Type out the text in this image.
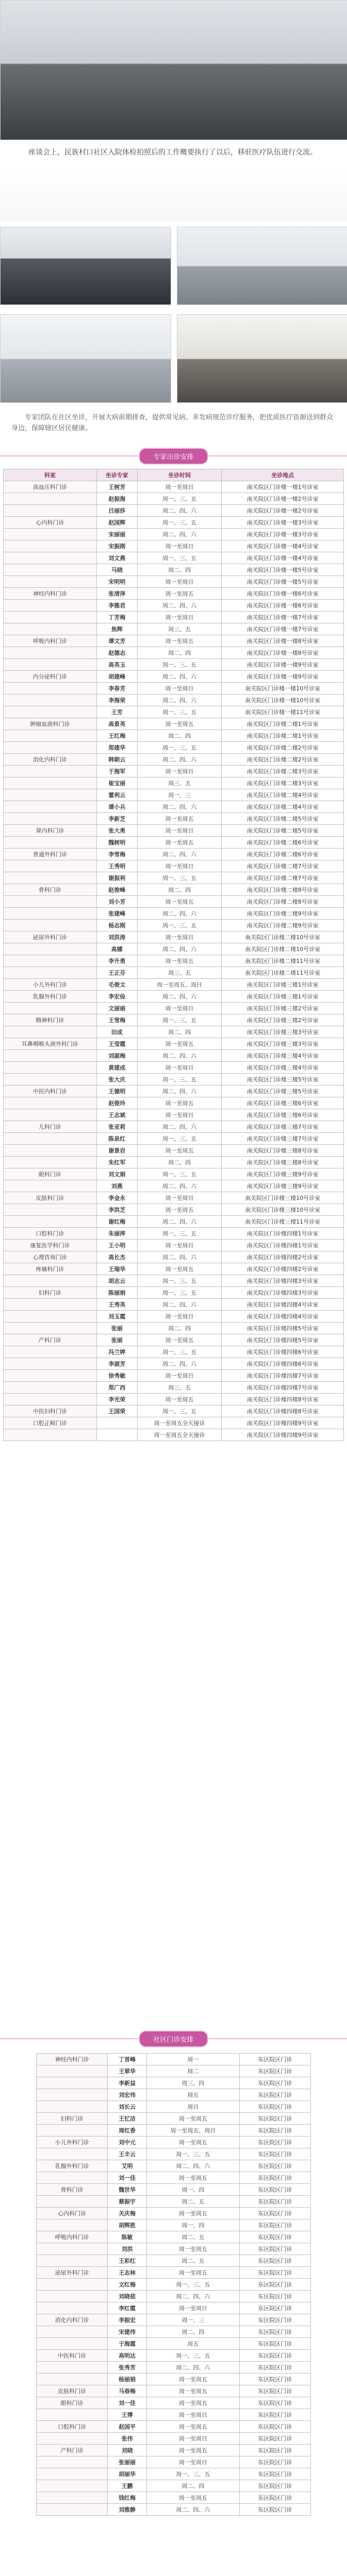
座谈会上，民族村口社区入院体检拍照后的工作概要执行了以后，移驻医疗队伍进行交流。
专家团队在社区坐诊，开展大病前期排查，提供常见病、多发病规范诊疗服务，把优质医疗资源送到群众身边，保障辖区居民健康。
专家出诊安排
科室	坐诊专家	坐诊时间	坐诊地点
高血压科门诊	王树芳	周一至周日	南关院区门诊楼一楼1号诊室
	赵振海	周一、三、五	南关院区门诊楼一楼2号诊室
	吕丽莎	周二、四、六	南关院区门诊楼一楼2号诊室
心内科门诊	赵国辉	周一、三、五	南关院区门诊楼一楼3号诊室
	宋丽丽	周二、四、六	南关院区门诊楼一楼3号诊室
	宋振刚	周一至周日	南关院区门诊楼一楼4号诊室
	刘文燕	周一、三、五	南关院区门诊楼一楼4号诊室
	马晓	周二、四	南关院区门诊楼一楼5号诊室
	宋明明	周一至周日	南关院区门诊楼一楼5号诊室
神经内科门诊	张清泽	周一至周五	南关院区门诊楼一楼6号诊室
	李雅君	周二、四、六	南关院区门诊楼一楼6号诊室
	丁芳梅	周一至周日	南关院区门诊楼一楼7号诊室
	焦辉	周三、五	南关院区门诊楼一楼7号诊室
呼吸内科门诊	谭文芳	周一至周五	南关院区门诊楼一楼8号诊室
	赵德志	周二、四	南关院区门诊楼一楼8号诊室
	高英玉	周一、三、五	南关院区门诊楼一楼9号诊室
内分泌科门诊	胡建峰	周二、四、六	南关院区门诊楼一楼9号诊室
	李春芳	周一至周日	南关院区门诊楼一楼10号诊室
	李海荣	周二、四、六	南关院区门诊楼一楼10号诊室
	王芳	周一、三、五	南关院区门诊楼一楼11号诊室
肿瘤血液科门诊	高景英	周一至周五	南关院区门诊楼二楼1号诊室
	王红梅	周二、四	南关院区门诊楼二楼1号诊室
	郑建华	周一、三、五	南关院区门诊楼二楼2号诊室
消化内科门诊	韩朝云	周二、四、六	南关院区门诊楼二楼2号诊室
	于海军	周一至周日	南关院区门诊楼二楼3号诊室
	崔宝丽	周三、五	南关院区门诊楼二楼3号诊室
	董利云	周一、三	南关院区门诊楼二楼4号诊室
	谭小兵	周二、四、六	南关院区门诊楼二楼4号诊室
	李新芝	周一至周五	南关院区门诊楼二楼5号诊室
肾内科门诊	张大勇	周一至周日	南关院区门诊楼二楼5号诊室
	魏树明	周一至周五	南关院区门诊楼二楼6号诊室
普通外科门诊	李雪梅	周二、四、六	南关院区门诊楼二楼6号诊室
	王秀明	周一至周日	南关院区门诊楼二楼7号诊室
	谢振利	周一、三、五	南关院区门诊楼二楼7号诊室
骨科门诊	赵俊峰	周二、四	南关院区门诊楼二楼8号诊室
	刘小芳	周一至周五	南关院区门诊楼二楼8号诊室
	张建峰	周二、四、六	南关院区门诊楼二楼9号诊室
	杨志刚	周一、三、五	南关院区门诊楼二楼9号诊室
泌尿外科门诊	刘洪涛	周一至周日	南关院区门诊楼二楼10号诊室
	高娜	周二、四、六	南关院区门诊楼二楼10号诊室
	李升勇	周一至周五	南关院区门诊楼二楼11号诊室
	王正芬	周三、五	南关院区门诊楼二楼11号诊室
小儿外科门诊	毛俊文	周一至周五、周日	南关院区门诊楼三楼1号诊室
乳腺外科门诊	李宏俭	周二、四、六	南关院区门诊楼三楼1号诊室
	文丽丽	周一至周日	南关院区门诊楼三楼2号诊室
精神科门诊	王雪梅	周一、三、五	南关院区门诊楼三楼2号诊室
	田成	周二、四	南关院区门诊楼三楼3号诊室
耳鼻咽喉头颈外科门诊	王莹霞	周一至周五	南关院区门诊楼三楼3号诊室
	刘淑梅	周二、四、六	南关院区门诊楼三楼4号诊室
	黄建成	周一至周日	南关院区门诊楼三楼4号诊室
	张大庆	周一、三、五	南关院区门诊楼三楼5号诊室
中医内科门诊	王德明	周二、四、六	南关院区门诊楼三楼5号诊室
	赵俊玲	周一至周五	南关院区门诊楼三楼6号诊室
	王志斌	周一至周日	南关院区门诊楼三楼6号诊室
儿科门诊	张亚莉	周二、四、六	南关院区门诊楼三楼7号诊室
	陈泉红	周一、三、五	南关院区门诊楼三楼7号诊室
	谢景岩	周一至周五	南关院区门诊楼三楼8号诊室
	朱红军	周二、四	南关院区门诊楼三楼8号诊室
眼科门诊	刘文娟	周一、三、五	南关院区门诊楼三楼9号诊室
	刘燕	周二、四、六	南关院区门诊楼三楼9号诊室
皮肤科门诊	李金永	周一至周日	南关院区门诊楼三楼10号诊室
	李洪芝	周一至周五	南关院区门诊楼三楼10号诊室
	谢红梅	周二、四、六	南关院区门诊楼三楼11号诊室
口腔科门诊	朱丽萍	周一、三、五	南关院区门诊楼四楼1号诊室
康复医学科门诊	王小明	周一至周日	南关院区门诊楼四楼1号诊室
心理咨询门诊	高长杰	周二、四、六	南关院区门诊楼四楼2号诊室
疼痛科门诊	王瑞华	周一至周五	南关院区门诊楼四楼2号诊室
	胡志云	周一、三、五	南关院区门诊楼四楼3号诊室
妇科门诊	陈丽娟	周一、三、五	南关院区门诊楼四楼3号诊室
	王秀英	周二、四、六	南关院区门诊楼四楼4号诊室
	刘玉霞	周一至周日	南关院区门诊楼四楼4号诊室
	张丽	周二、四	南关院区门诊楼四楼5号诊室
产科门诊	张丽	周一至周五	南关院区门诊楼四楼5号诊室
	冯兰婷	周一、三、五	南关院区门诊楼四楼6号诊室
	李淑芳	周二、四、六	南关院区门诊楼四楼6号诊室
	徐秀敏	周一至周日	南关院区门诊楼四楼7号诊室
	郑广西	周三、五	南关院区门诊楼四楼7号诊室
	李光荣	周一至周五	南关院区门诊楼四楼8号诊室
中医妇科门诊	王国荣	周一、三、五	南关院区门诊楼四楼8号诊室
口腔正畸门诊		周一至周五全天接诊	南关院区门诊楼四楼9号诊室
		周一至周五全天接诊	南关院区门诊楼四楼9号诊室
社区门诊安排
神经内科门诊	丁晋峰	周一	东区院区门诊
	王翠华	周二	东区院区门诊
	李新益	周三、四	东区院区门诊
	刘宏伟	周五	东区院区门诊
	刘长云	周日	东区院区门诊
妇科门诊	王忆洁	周一至周五	东区院区门诊
	周红香	周一至周五、周日	东区院区门诊
小儿外科门诊	刘中元	周一至周五	东区院区门诊
	王丰云	周一、三、五	东区院区门诊
乳腺外科门诊	艾明	周二、四、六	东区院区门诊
	刘一佳	周一至周五	东区院区门诊
骨科门诊	魏世华	周一、四	东区院区门诊
	蔡振宇	周二、五	东区院区门诊
心内科门诊	关庆梅	周一至周五	东区院区门诊
	胡辉胜	周一、四	东区院区门诊
呼吸内科门诊	陈敏	周二、五	东区院区门诊
	刘洪	周一至周五	东区院区门诊
	王彩红	周二、五	东区院区门诊
泌尿外科门诊	王志林	周一至周五	东区院区门诊
	文红梅	周一、三、五	东区院区门诊
	刘晓茹	周二、四、六	东区院区门诊
	李红霞	周一至周日	东区院区门诊
消化内科门诊	李振宏	周一、三	东区院区门诊
	宋建伟	周二、四	东区院区门诊
	于海霞	周五	东区院区门诊
中医科门诊	高明达	周一、三、五	东区院区门诊
	张秀芳	周二、四、六	东区院区门诊
	杨丽娟	周一至周五	东区院区门诊
皮肤科门诊	马春梅	周一至周五	东区院区门诊
眼科门诊	刘一佳	周一至周五	东区院区门诊
	王博	周一至周日	东区院区门诊
口腔科门诊	赵国平	周一至周五	东区院区门诊
	张伟	周一至周日	东区院区门诊
产科门诊	刘晓	周一至周五	东区院区门诊
	张丽丽	周一至周日	东区院区门诊
	胡丽华	周一、三、五	东区院区门诊
	王鹏	周二、四	东区院区门诊
	钱红梅	周一至周五	东区院区门诊
	刘雅静	周二、四、六	东区院区门诊
